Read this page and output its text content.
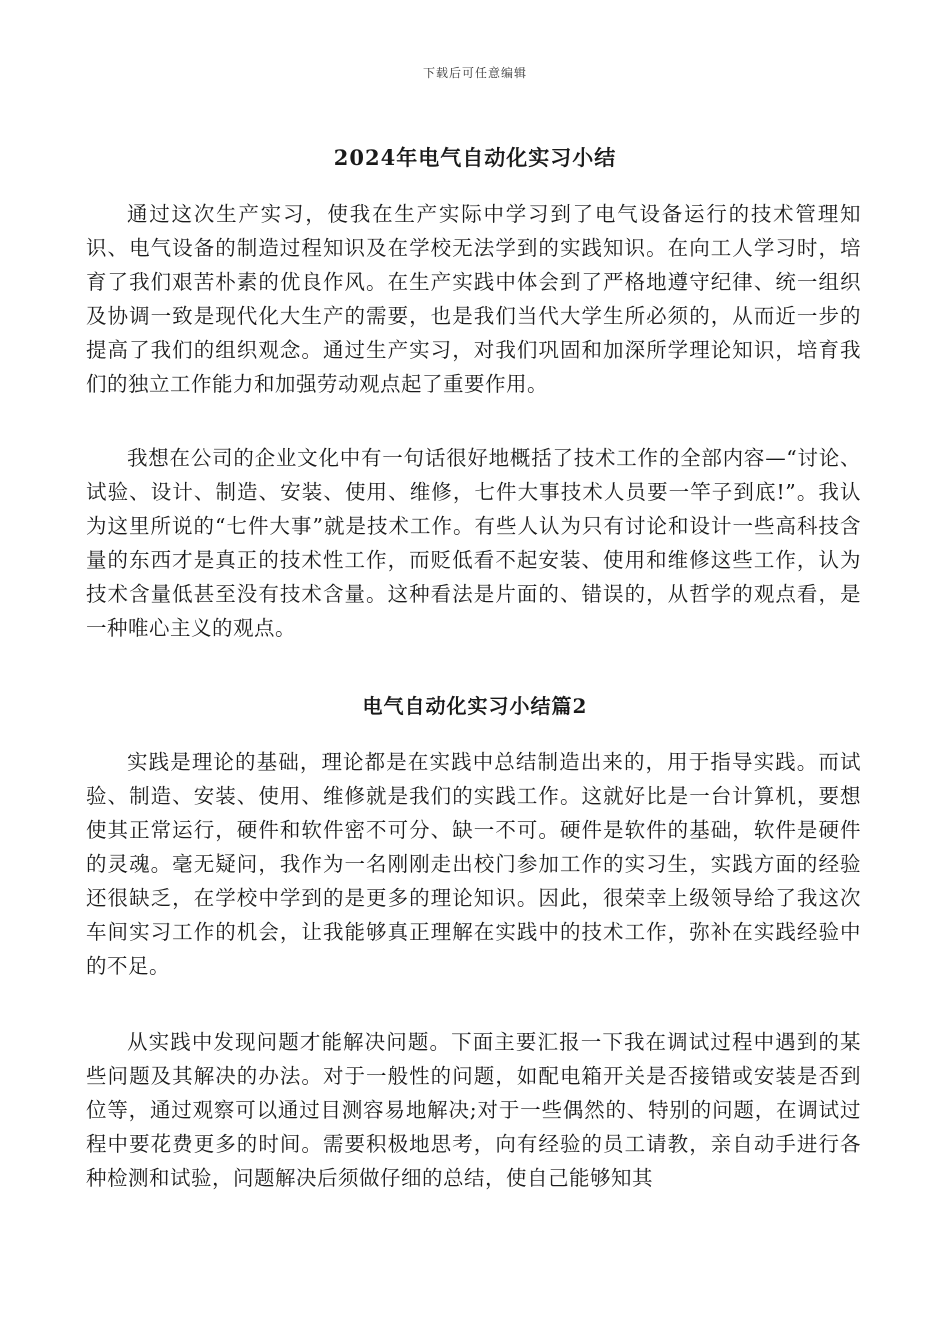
下载后可任意编辑
2024年电气自动化实习小结

通过这次生产实习，使我在生产实际中学习到了电气设备运行的技术管理知识、电气设备的制造过程知识及在学校无法学到的实践知识。在向工人学习时，培育了我们艰苦朴素的优良作风。在生产实践中体会到了严格地遵守纪律、统一组织及协调一致是现代化大生产的需要，也是我们当代大学生所必须的，从而近一步的提高了我们的组织观念。通过生产实习，对我们巩固和加深所学理论知识，培育我们的独立工作能力和加强劳动观点起了重要作用。

我想在公司的企业文化中有一句话很好地概括了技术工作的全部内容—“讨论、试验、设计、制造、安装、使用、维修，七件大事技术人员要一竿子到底!”。我认为这里所说的“七件大事”就是技术工作。有些人认为只有讨论和设计一些高科技含量的东西才是真正的技术性工作，而贬低看不起安装、使用和维修这些工作，认为技术含量低甚至没有技术含量。这种看法是片面的、错误的，从哲学的观点看，是一种唯心主义的观点。

电气自动化实习小结篇2

实践是理论的基础，理论都是在实践中总结制造出来的，用于指导实践。而试验、制造、安装、使用、维修就是我们的实践工作。这就好比是一台计算机，要想使其正常运行，硬件和软件密不可分、缺一不可。硬件是软件的基础，软件是硬件的灵魂。毫无疑问，我作为一名刚刚走出校门参加工作的实习生，实践方面的经验还很缺乏，在学校中学到的是更多的理论知识。因此，很荣幸上级领导给了我这次车间实习工作的机会，让我能够真正理解在实践中的技术工作，弥补在实践经验中的不足。

从实践中发现问题才能解决问题。下面主要汇报一下我在调试过程中遇到的某些问题及其解决的办法。对于一般性的问题，如配电箱开关是否接错或安装是否到位等，通过观察可以通过目测容易地解决;对于一些偶然的、特别的问题，在调试过程中要花费更多的时间。需要积极地思考，向有经验的员工请教，亲自动手进行各种检测和试验，问题解决后须做仔细的总结，使自己能够知其
